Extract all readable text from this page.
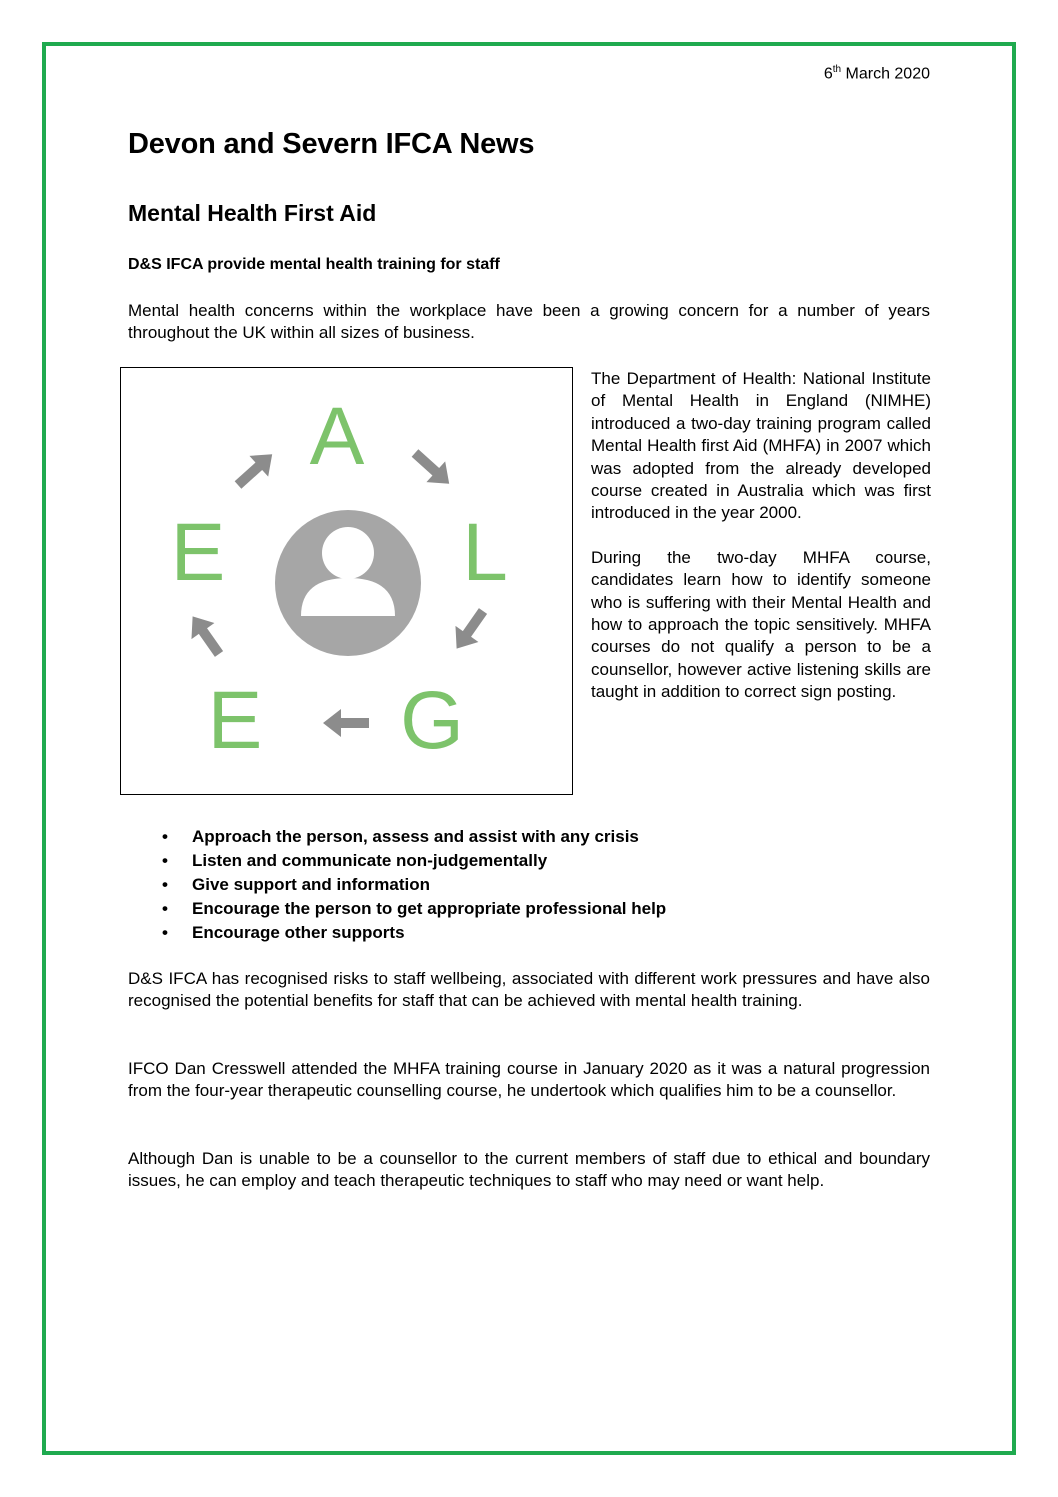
6th March 2020
Devon and Severn IFCA News
Mental Health First Aid

D&S IFCA provide mental health training for staff

Mental health concerns within the workplace have been a growing concern for a number of years throughout the UK within all sizes of business.

A
L
G
E
E

The Department of Health: National Institute of Mental Health in England (NIMHE) introduced a two-day training program called Mental Health first Aid (MHFA) in 2007 which was adopted from the already developed course created in Australia which was first introduced in the year 2000.

During the two-day MHFA course, candidates learn how to identify someone who is suffering with their Mental Health and how to approach the topic sensitively. MHFA courses do not qualify a person to be a counsellor, however active listening skills are taught in addition to correct sign posting.

• Approach the person, assess and assist with any crisis
• Listen and communicate non-judgementally
• Give support and information
• Encourage the person to get appropriate professional help
• Encourage other supports

D&S IFCA has recognised risks to staff wellbeing, associated with different work pressures and have also recognised the potential benefits for staff that can be achieved with mental health training.

IFCO Dan Cresswell attended the MHFA training course in January 2020 as it was a natural progression from the four-year therapeutic counselling course, he undertook which qualifies him to be a counsellor.

Although Dan is unable to be a counsellor to the current members of staff due to ethical and boundary issues, he can employ and teach therapeutic techniques to staff who may need or want help.
